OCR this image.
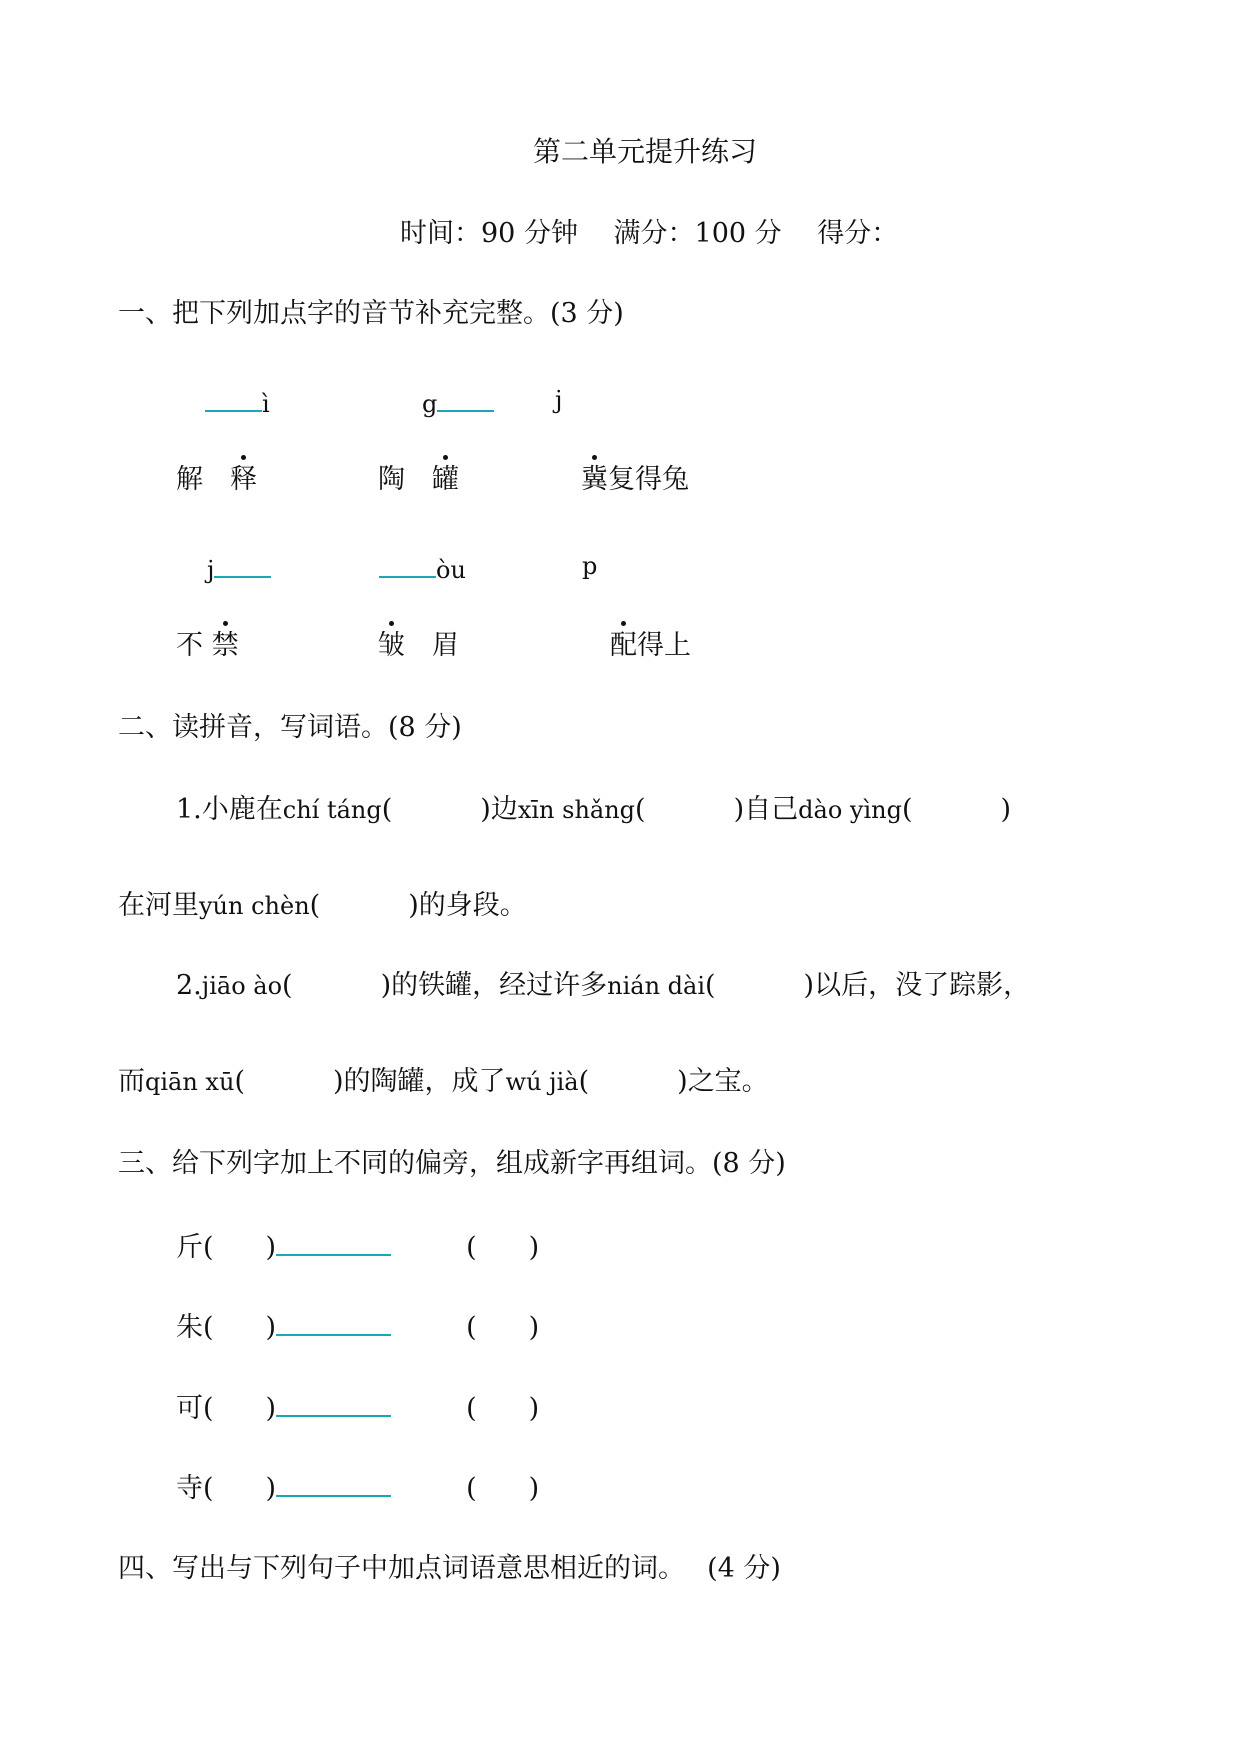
第二单元提升练习
时间：90 分钟　 满分：100 分　 得分：
一、把下列加点字的音节补充完整。(3 分)
ì	g	j
解　释	陶　罐	冀复得兔
j	òu	p
不 禁	皱　眉	配得上
二、读拼音，写词语。(8 分)
1.小鹿在chí táng(	)边xīn shǎng(	)自己dào yìng(	)
在河里yún chèn(	)的身段。
2.jiāo ào(	)的铁罐，经过许多nián dài(	)以后，没了踪影，
而qiān xū(	)的陶罐，成了wú jià(	)之宝。
三、给下列字加上不同的偏旁，组成新字再组词。(8 分)
斤( )	( )
朱( )	( )
可( )	( )
寺( )	( )
四、写出与下列句子中加点词语意思相近的词。　 (4 分)
